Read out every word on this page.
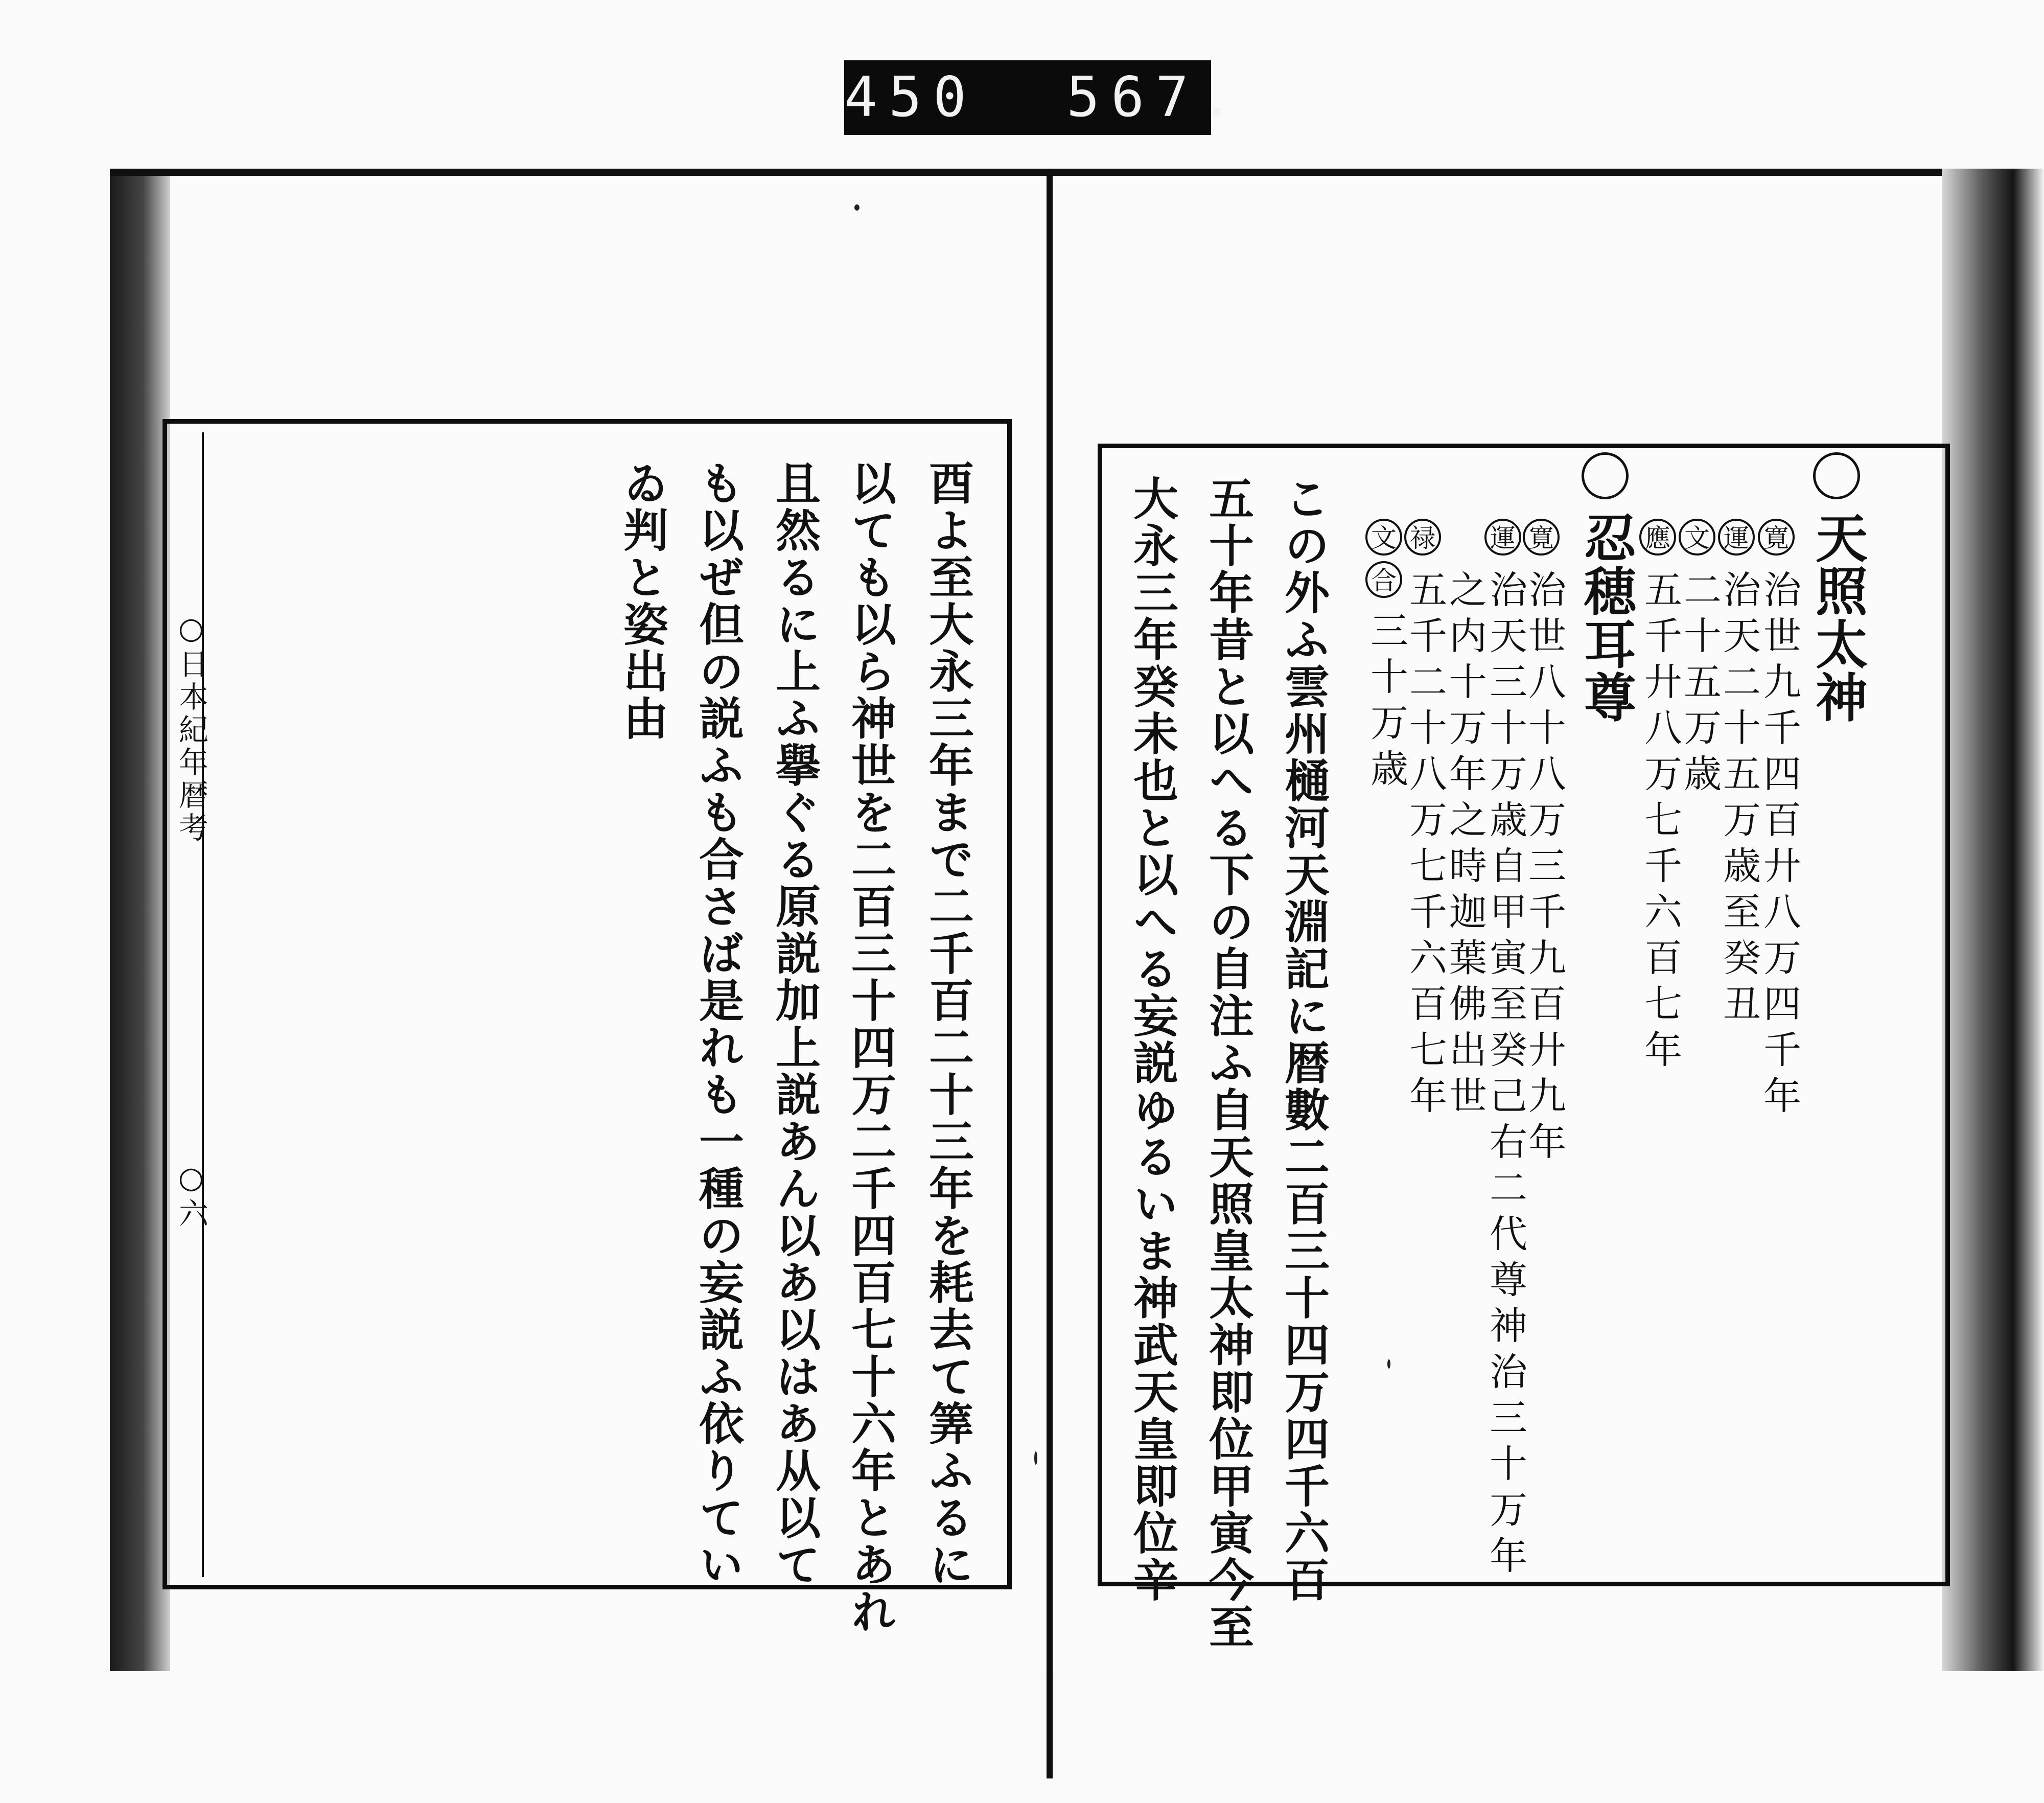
450  567.
○日本紀年暦考
○六	酉よ至大永三年まで二千百二十三年を耗去て筭ふるに
以ても以ら神世を二百三十四万二千四百七十六年とあれ
且然るに上ふ擧ぐる原説加上説あん以あ以はあ从以て
も以ぜ但の説ふも合さば是れも一種の妄説ふ依りてい
ゐ判と姿出由	天照太神
寛
治世九千四百廾八万四千年
運
治天二十五万歳至癸丑
文
二十五万歳
應
五千廾八万七千六百七年
忍穂耳尊
寛
治世八十八万三千九百廾九年
運
治天三十万歳自甲寅至癸己右二代尊神治三十万年
之内十万年之時迦葉佛出世
禄
五千二十八万七千六百七年
文 合
三十万歳
この外ふ雲州樋河天淵記に暦數二百三十四万四千六百
五十年昔と以へる下の自注ふ自天照皇太神即位甲寅今至
大永三年癸未也と以へる妄説ゆるいま神武天皇即位辛
